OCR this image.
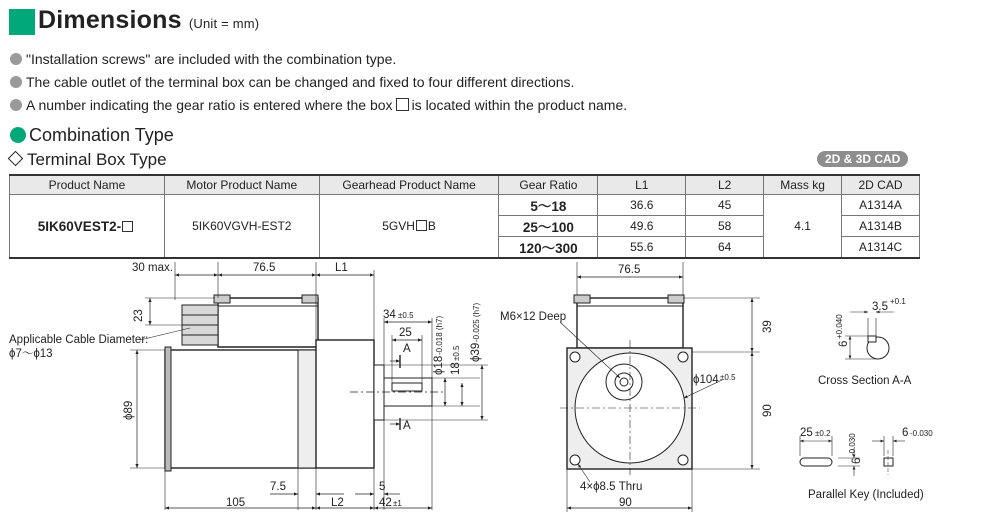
Dimensions (Unit = mm)
"Installation screws" are included with the combination type.
The cable outlet of the terminal box can be changed and fixed to four different directions.
A number indicating the gear ratio is entered where the box is located within the product name.
Combination Type
Terminal Box Type	2D & 3D CAD
Product Name	Motor Product Name	Gearhead Product Name	Gear Ratio	L1	L2	Mass kg	2D CAD
5IK60VEST2-	5IK60VGVH-EST2	5GVH B	5～18	36.6	45	4.1	A1314A
			25～100	49.6	58		A1314B
			120～300	55.6	64		A1314C
30 max.	76.5	L1
23
Applicable Cable Diameter:
ϕ7～ϕ13
ϕ89
34 ±0.5
25
A
A
ϕ18
-0.018 (h7)
18
±0.5 ϕ39
-0.025 (h7)
7.5	5
105	L2	42 ±1
76.5
39
90
90
M6×12 Deep
ϕ104 ±0.5
4×ϕ8.5 Thru
3.5 +0.1
6
+0.040
Cross Section A-A
25 ±0.2
6
-0.030
6 -0.030
Parallel Key (Included)
